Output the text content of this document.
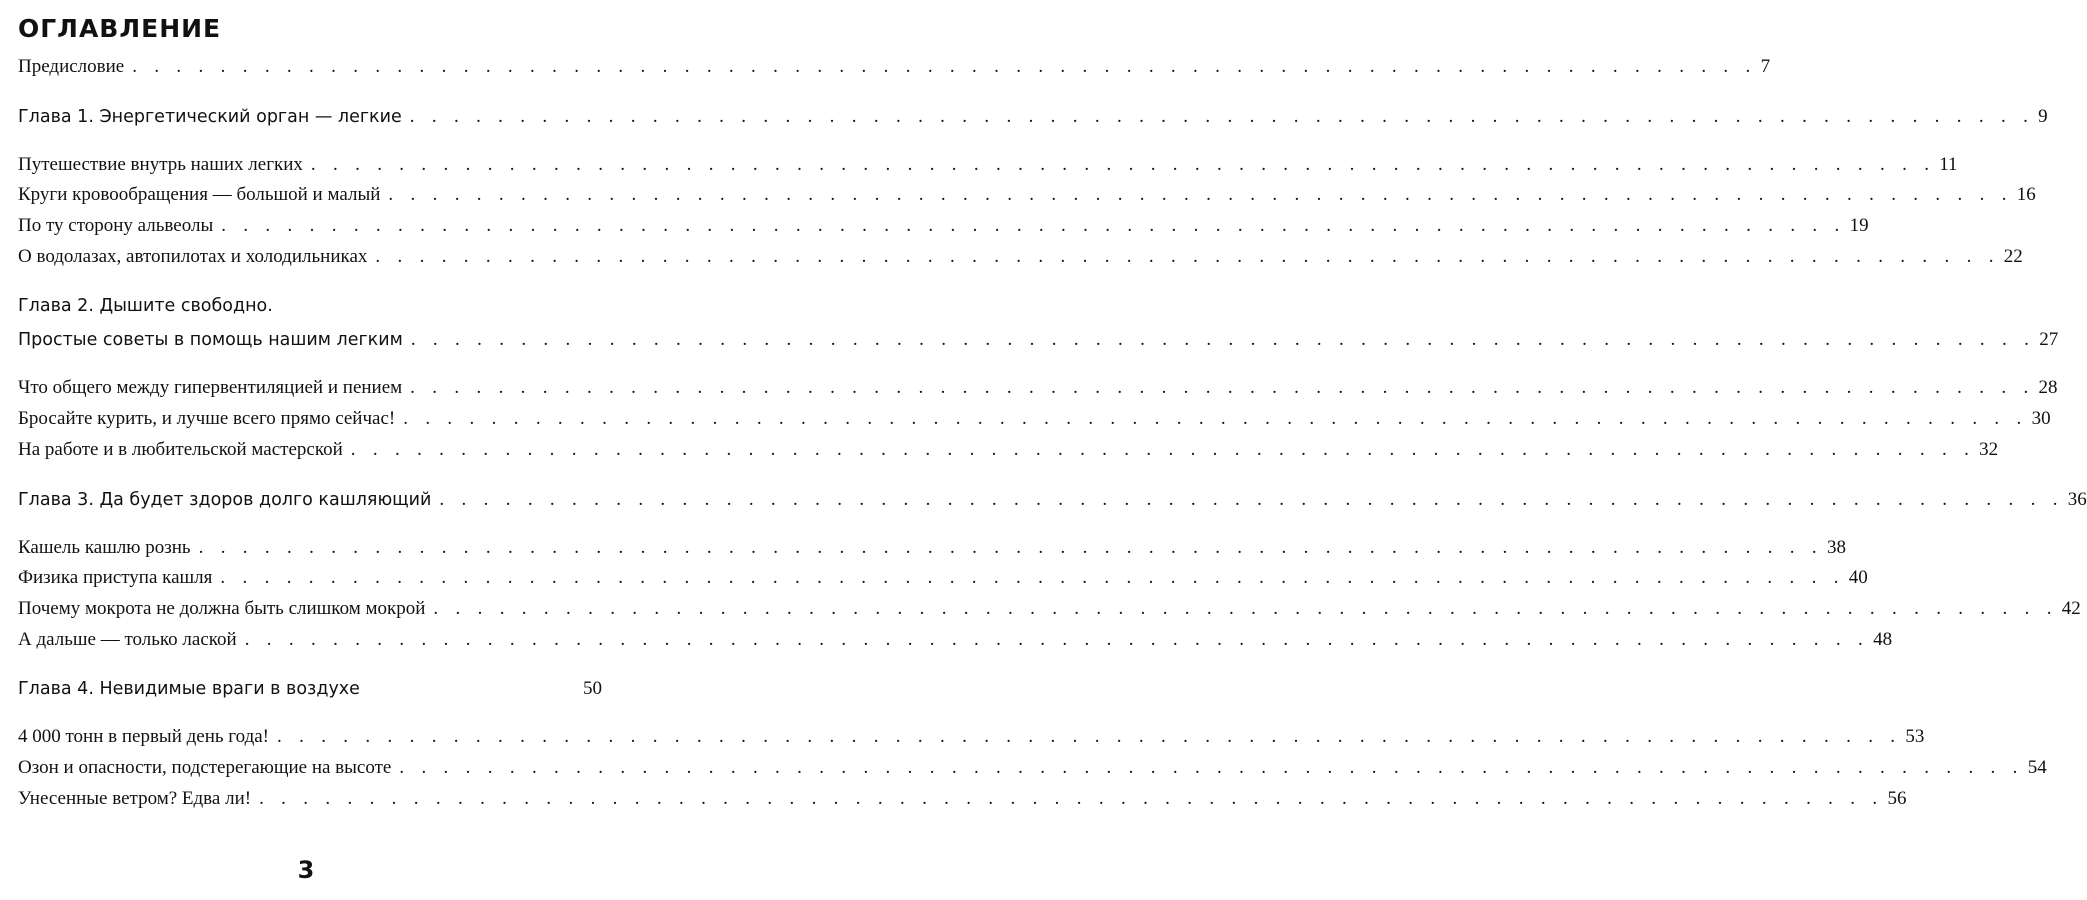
ОГЛАВЛЕНИЕ
Предисловие . . . . . . . . . . . . . . . . . . . . . . . . . . . . . . . . . . . . . . . . . . . . . . . . . . . . . . . . . . . . . . . . . . . . . . . . . . 7
Глава 1. Энергетический орган — легкие . . . . . . . . . . . . . . . . . . . . . . . . . . . . . . . . . . . . . . . . . . . . . . . . . . . . . . . . . . . . . . . . . . . . . . . . . . 9
Путешествие внутрь наших легких . . . . . . . . . . . . . . . . . . . . . . . . . . . . . . . . . . . . . . . . . . . . . . . . . . . . . . . . . . . . . . . . . . . . . . . . . . 11
Круги кровообращения — большой и малый . . . . . . . . . . . . . . . . . . . . . . . . . . . . . . . . . . . . . . . . . . . . . . . . . . . . . . . . . . . . . . . . . . . . . . . . . . 16
По ту сторону альвеолы . . . . . . . . . . . . . . . . . . . . . . . . . . . . . . . . . . . . . . . . . . . . . . . . . . . . . . . . . . . . . . . . . . . . . . . . . . 19
О водолазах, автопилотах и холодильниках . . . . . . . . . . . . . . . . . . . . . . . . . . . . . . . . . . . . . . . . . . . . . . . . . . . . . . . . . . . . . . . . . . . . . . . . . . 22
Глава 2. Дышите свободно.
Простые советы в помощь нашим легким . . . . . . . . . . . . . . . . . . . . . . . . . . . . . . . . . . . . . . . . . . . . . . . . . . . . . . . . . . . . . . . . . . . . . . . . . . 27
Что общего между гипервентиляцией и пением . . . . . . . . . . . . . . . . . . . . . . . . . . . . . . . . . . . . . . . . . . . . . . . . . . . . . . . . . . . . . . . . . . . . . . . . . . 28
Бросайте курить, и лучше всего прямо сейчас! . . . . . . . . . . . . . . . . . . . . . . . . . . . . . . . . . . . . . . . . . . . . . . . . . . . . . . . . . . . . . . . . . . . . . . . . . . 30
На работе и в любительской мастерской . . . . . . . . . . . . . . . . . . . . . . . . . . . . . . . . . . . . . . . . . . . . . . . . . . . . . . . . . . . . . . . . . . . . . . . . . . 32
Глава 3. Да будет здоров долго кашляющий . . . . . . . . . . . . . . . . . . . . . . . . . . . . . . . . . . . . . . . . . . . . . . . . . . . . . . . . . . . . . . . . . . . . . . . . . . 36
Кашель кашлю рознь . . . . . . . . . . . . . . . . . . . . . . . . . . . . . . . . . . . . . . . . . . . . . . . . . . . . . . . . . . . . . . . . . . . . . . . . . . 38
Физика приступа кашля . . . . . . . . . . . . . . . . . . . . . . . . . . . . . . . . . . . . . . . . . . . . . . . . . . . . . . . . . . . . . . . . . . . . . . . . . . 40
Почему мокрота не должна быть слишком мокрой . . . . . . . . . . . . . . . . . . . . . . . . . . . . . . . . . . . . . . . . . . . . . . . . . . . . . . . . . . . . . . . . . . . . . . . . . . 42
А дальше — только лаской . . . . . . . . . . . . . . . . . . . . . . . . . . . . . . . . . . . . . . . . . . . . . . . . . . . . . . . . . . . . . . . . . . . . . . . . . . 48
Глава 4. Невидимые враги в воздухе	50
4 000 тонн в первый день года! . . . . . . . . . . . . . . . . . . . . . . . . . . . . . . . . . . . . . . . . . . . . . . . . . . . . . . . . . . . . . . . . . . . . . . . . . . 53
Озон и опасности, подстерегающие на высоте . . . . . . . . . . . . . . . . . . . . . . . . . . . . . . . . . . . . . . . . . . . . . . . . . . . . . . . . . . . . . . . . . . . . . . . . . . 54
Унесенные ветром? Едва ли! . . . . . . . . . . . . . . . . . . . . . . . . . . . . . . . . . . . . . . . . . . . . . . . . . . . . . . . . . . . . . . . . . . . . . . . . . . 56

3
